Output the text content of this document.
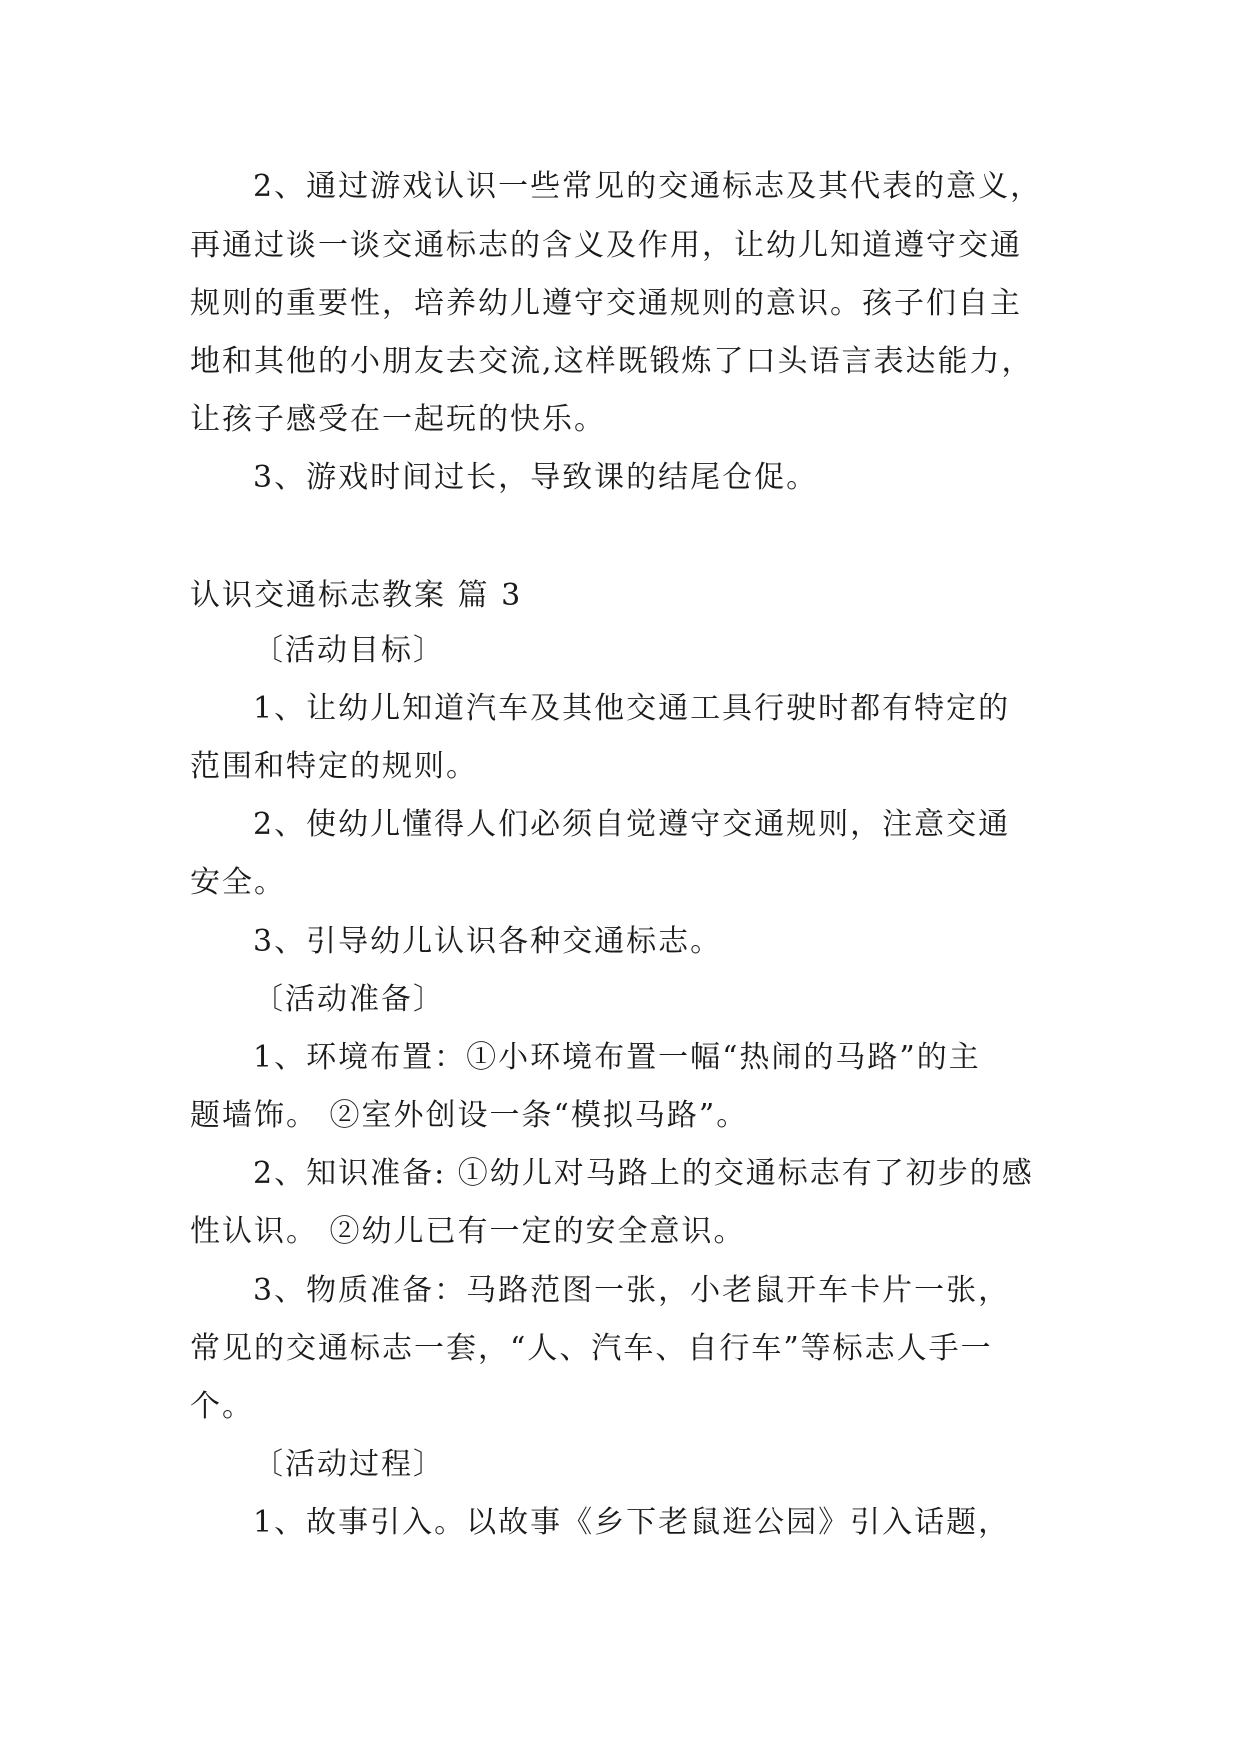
2、通过游戏认识一些常见的交通标志及其代表的意义，
再通过谈一谈交通标志的含义及作用，让幼儿知道遵守交通
规则的重要性，培养幼儿遵守交通规则的意识。孩子们自主
地和其他的小朋友去交流,这样既锻炼了口头语言表达能力，
让孩子感受在一起玩的快乐。
3、游戏时间过长，导致课的结尾仓促。
认识交通标志教案 篇 3
〔活动目标〕
1、让幼儿知道汽车及其他交通工具行驶时都有特定的
范围和特定的规则。
2、使幼儿懂得人们必须自觉遵守交通规则，注意交通
安全。
3、引导幼儿认识各种交通标志。
〔活动准备〕
1、环境布置：①小环境布置一幅“热闹的马路”的主
题墙饰。 ②室外创设一条“模拟马路”。
2、知识准备: ①幼儿对马路上的交通标志有了初步的感
性认识。 ②幼儿已有一定的安全意识。
3、物质准备：马路范图一张，小老鼠开车卡片一张，
常见的交通标志一套，“人、汽车、自行车”等标志人手一
个。
〔活动过程〕
1、故事引入。以故事《乡下老鼠逛公园》引入话题，
